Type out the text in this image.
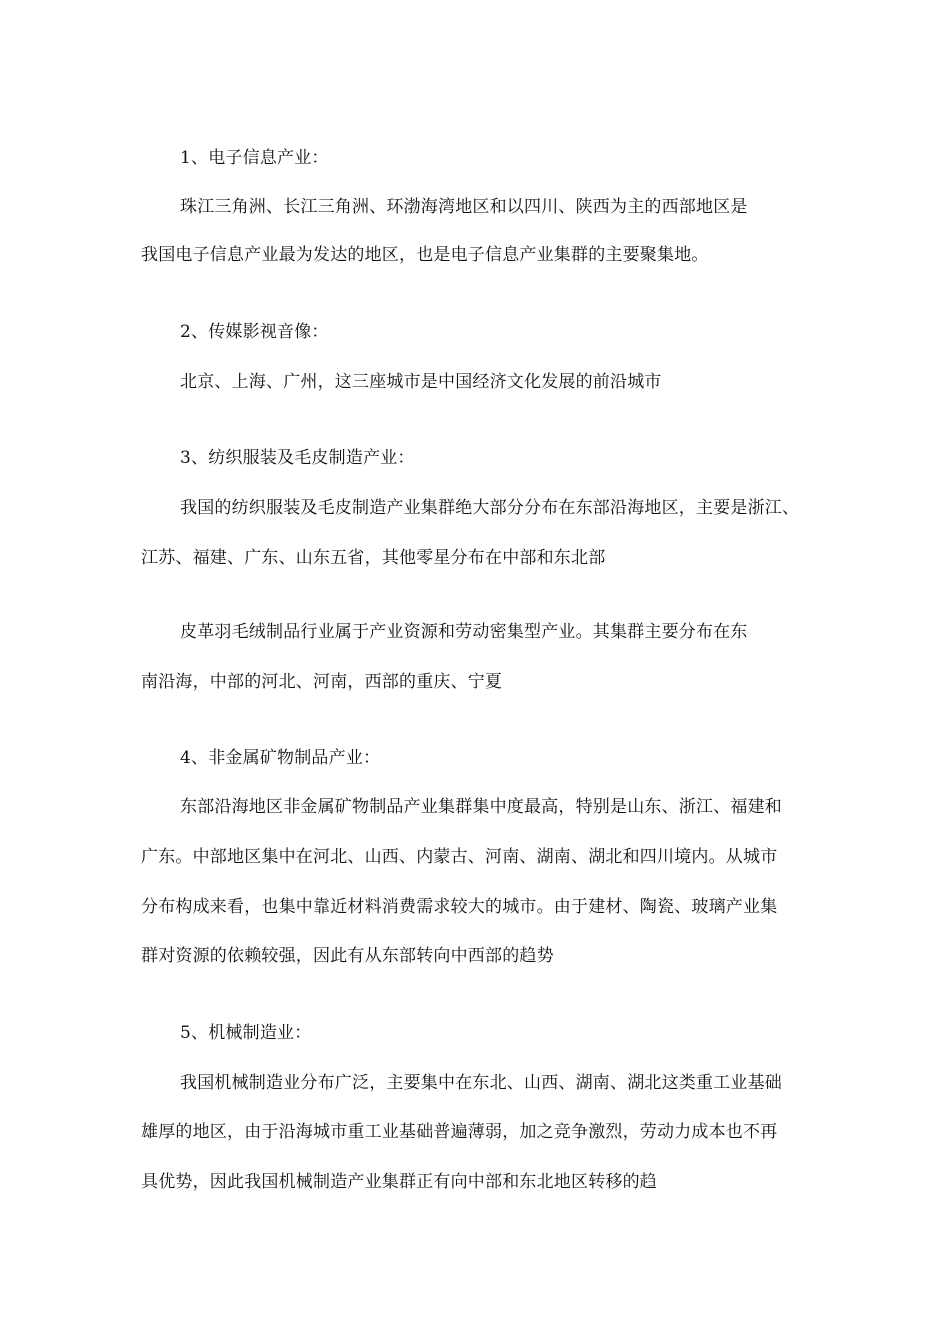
1、电子信息产业：
珠江三角洲、长江三角洲、环渤海湾地区和以四川、陕西为主的西部地区是
我国电子信息产业最为发达的地区，也是电子信息产业集群的主要聚集地。
2、传媒影视音像：
北京、上海、广州，这三座城市是中国经济文化发展的前沿城市
3、纺织服装及毛皮制造产业：
我国的纺织服装及毛皮制造产业集群绝大部分分布在东部沿海地区，主要是浙江、
江苏、福建、广东、山东五省，其他零星分布在中部和东北部
皮革羽毛绒制品行业属于产业资源和劳动密集型产业。其集群主要分布在东
南沿海，中部的河北、河南，西部的重庆、宁夏
4、非金属矿物制品产业：
东部沿海地区非金属矿物制品产业集群集中度最高，特别是山东、浙江、福建和
广东。中部地区集中在河北、山西、内蒙古、河南、湖南、湖北和四川境内。从城市
分布构成来看，也集中靠近材料消费需求较大的城市。由于建材、陶瓷、玻璃产业集
群对资源的依赖较强，因此有从东部转向中西部的趋势
5、机械制造业：
我国机械制造业分布广泛，主要集中在东北、山西、湖南、湖北这类重工业基础
雄厚的地区，由于沿海城市重工业基础普遍薄弱，加之竞争激烈，劳动力成本也不再
具优势，因此我国机械制造产业集群正有向中部和东北地区转移的趋
